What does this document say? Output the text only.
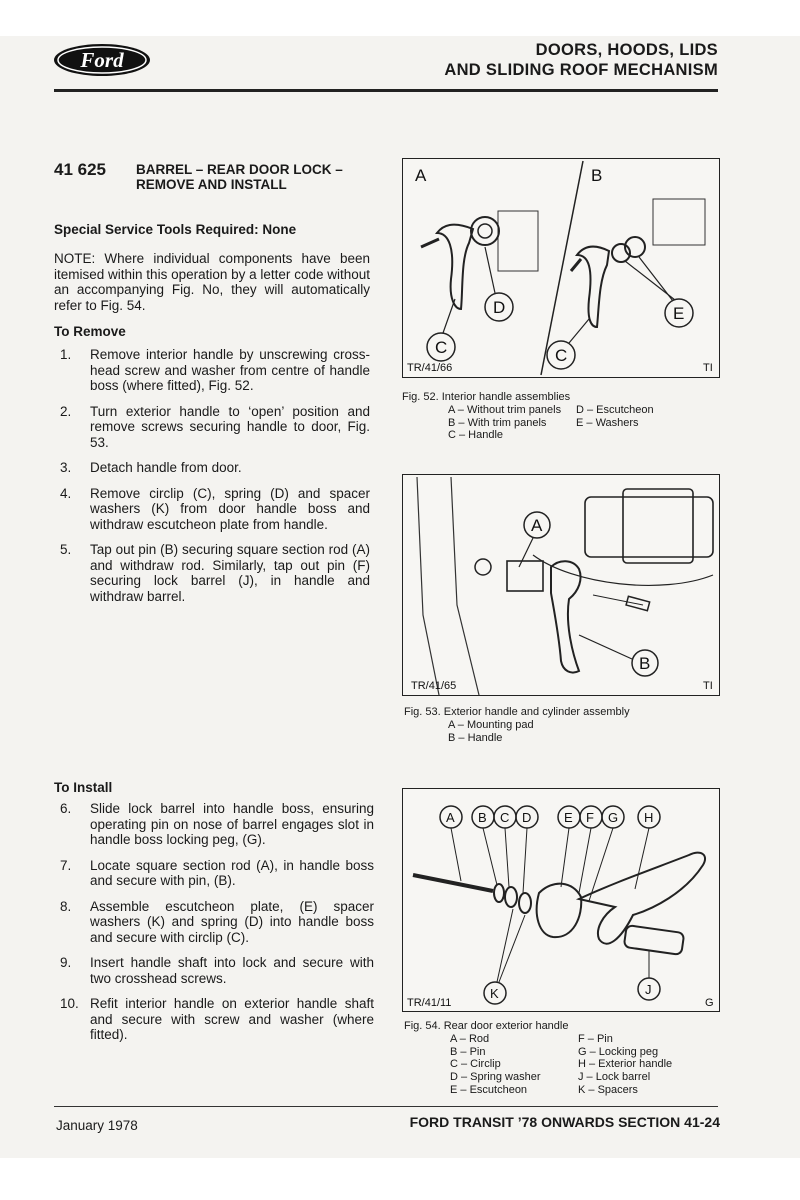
Ford	DOORS, HOODS, LIDS
AND SLIDING ROOF MECHANISM
41 625 BARREL – REAR DOOR LOCK – REMOVE AND INSTALL
Special Service Tools Required: None
NOTE: Where individual components have been itemised within this operation by a letter code without an accompanying Fig. No, they will automatically refer to Fig. 54.
To Remove
1.	Remove interior handle by unscrewing cross-head screw and washer from centre of handle boss (where fitted), Fig. 52.
2.	Turn exterior handle to ‘open’ position and remove screws securing handle to door, Fig. 53.
3.	Detach handle from door.
4.	Remove circlip (C), spring (D) and spacer washers (K) from door handle boss and withdraw escutcheon plate from handle.
5.	Tap out pin (B) securing square section rod (A) and withdraw rod. Similarly, tap out pin (F) securing lock barrel (J), in handle and withdraw barrel.
To Install
6.	Slide lock barrel into handle boss, ensuring operating pin on nose of barrel engages slot in handle boss locking peg, (G).
7.	Locate square section rod (A), in handle boss and secure with pin, (B).
8.	Assemble escutcheon plate, (E) spacer washers (K) and spring (D) into handle boss and secure with circlip (C).
9.	Insert handle shaft into lock and secure with two crosshead screws.
10. Refit interior handle on exterior handle shaft and secure with screw and washer (where fitted).
A	B
D
C
E
C
TR/41/66	TI
Fig. 52. Interior handle assemblies
A – Without trim panels	D – Escutcheon
B – With trim panels	E – Washers
C – Handle
A
B
TR/41/65	TI
Fig. 53. Exterior handle and cylinder assembly
A – Mounting pad
B – Handle
A B C D	E F G H
K	J
TR/41/11	G
Fig. 54. Rear door exterior handle
A – Rod	F – Pin
B – Pin	G – Locking peg
C – Circlip	H – Exterior handle
D – Spring washer	J – Lock barrel
E – Escutcheon	K – Spacers
January 1978	FORD TRANSIT ’78 ONWARDS SECTION 41-24
